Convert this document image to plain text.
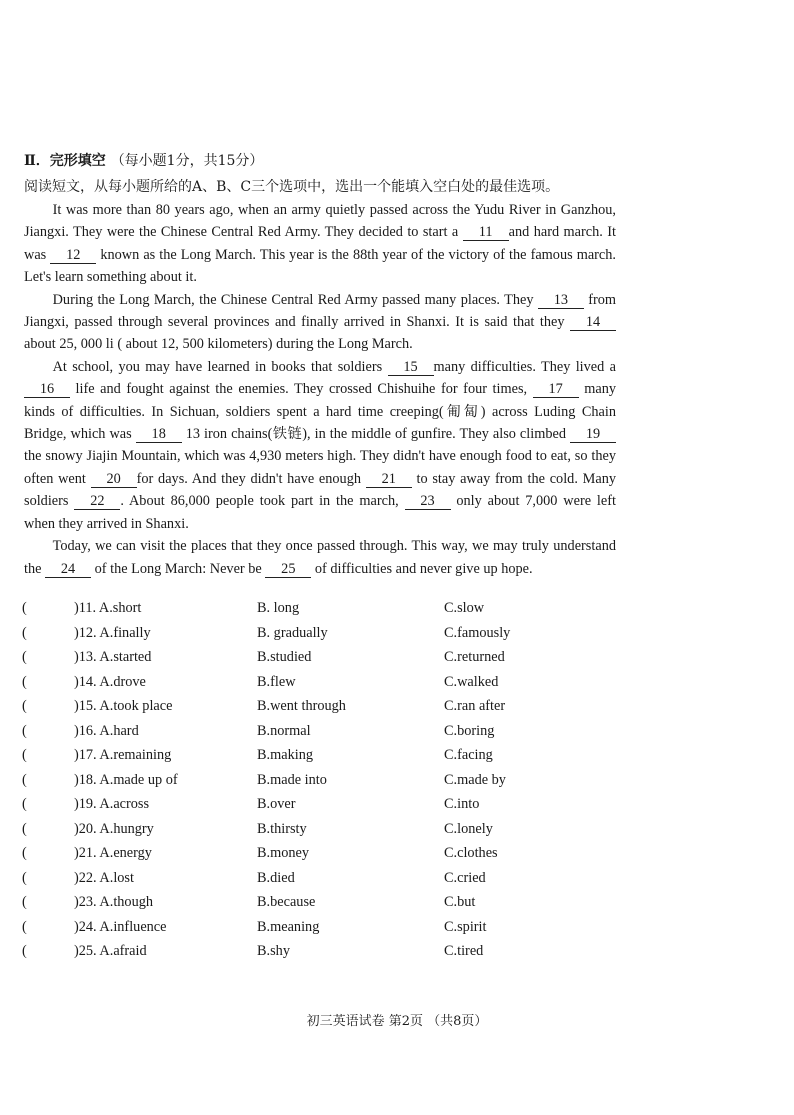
Ⅱ．完形填空 （每小题1分，共15分）
阅读短文，从每小题所给的A、B、C三个选项中，选出一个能填入空白处的最佳选项。

It was more than 80 years ago, when an army quietly passed across the Yudu River in Ganzhou, Jiangxi. They were the Chinese Central Red Army. They decided to start a 11 and hard march. It was 12 known as the Long March. This year is the 88th year of the victory of the famous march. Let's learn something about it.

During the Long March, the Chinese Central Red Army passed many places. They 13 from Jiangxi, passed through several provinces and finally arrived in Shanxi. It is said that they 14 about 25, 000 li ( about 12, 500 kilometers) during the Long March.

At school, you may have learned in books that soldiers 15 many difficulties. They lived a 16 life and fought against the enemies. They crossed Chishuihe for four times, 17 many kinds of difficulties. In Sichuan, soldiers spent a hard time creeping(匍匐) across Luding Chain Bridge, which was 18 13 iron chains(铁链), in the middle of gunfire. They also climbed 19 the snowy Jiajin Mountain, which was 4,930 meters high. They didn't have enough food to eat, so they often went 20 for days. And they didn't have enough 21 to stay away from the cold. Many soldiers 22 . About 86,000 people took part in the march, 23 only about 7,000 were left when they arrived in Shanxi.

Today, we can visit the places that they once passed through. This way, we may truly understand the 24 of the Long March: Never be 25 of difficulties and never give up hope.

(	)11. A.short	B. long	C.slow
(	)12. A.finally	B. gradually	C.famously
(	)13. A.started	B.studied	C.returned
(	)14. A.drove	B.flew	C.walked
(	)15. A.took place	B.went through	C.ran after
(	)16. A.hard	B.normal	C.boring
(	)17. A.remaining	B.making	C.facing
(	)18. A.made up of	B.made into	C.made by
(	)19. A.across	B.over	C.into
(	)20. A.hungry	B.thirsty	C.lonely
(	)21. A.energy	B.money	C.clothes
(	)22. A.lost	B.died	C.cried
(	)23. A.though	B.because	C.but
(	)24. A.influence	B.meaning	C.spirit
(	)25. A.afraid	B.shy	C.tired
初三英语试卷 第2页 （共8页）
